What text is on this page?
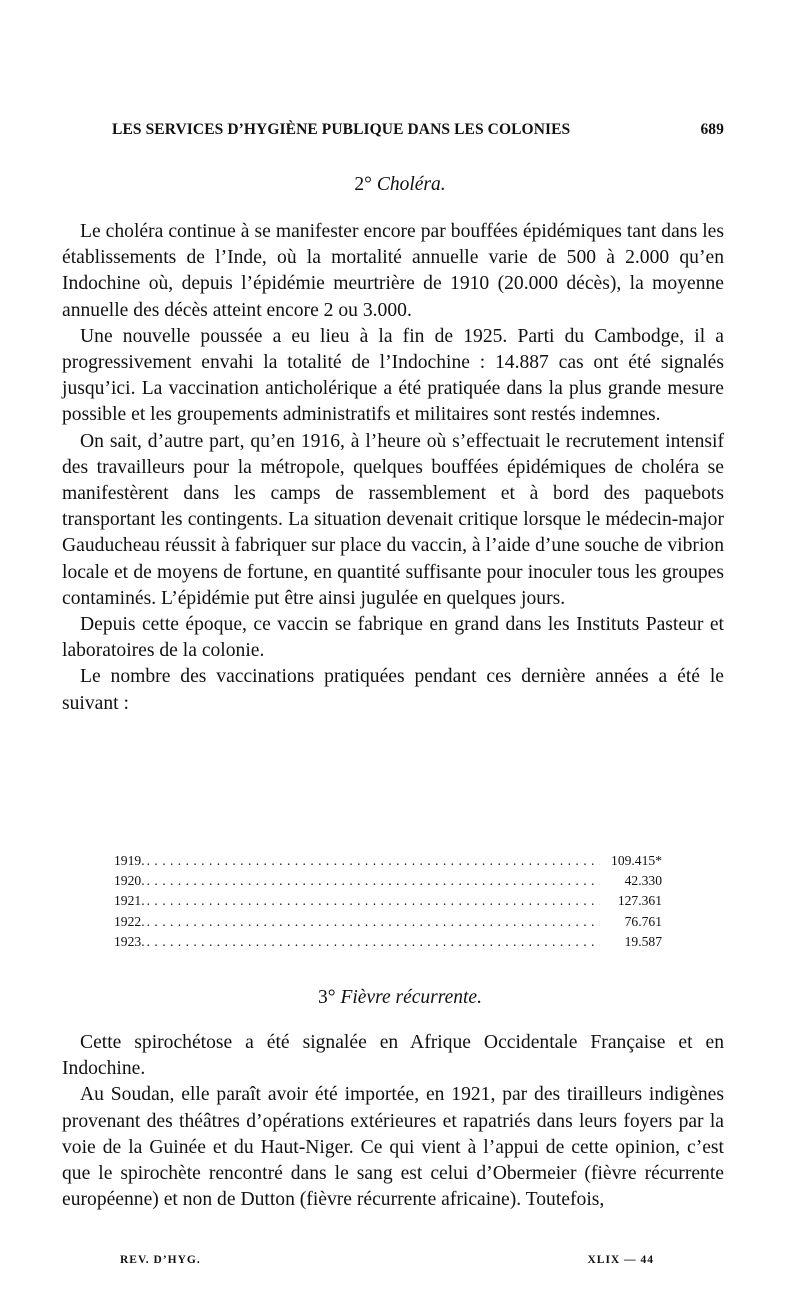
LES SERVICES D’HYGIÈNE PUBLIQUE DANS LES COLONIES	689
2° Choléra.

Le choléra continue à se manifester encore par bouffées épidémiques tant dans les établissements de l’Inde, où la mortalité annuelle varie de 500 à 2.000 qu’en Indochine où, depuis l’épidémie meurtrière de 1910 (20.000 décès), la moyenne annuelle des décès atteint encore 2 ou 3.000.

Une nouvelle poussée a eu lieu à la fin de 1925. Parti du Cambodge, il a progressivement envahi la totalité de l’Indochine : 14.887 cas ont été signalés jusqu’ici. La vaccination anticholérique a été pratiquée dans la plus grande mesure possible et les groupements administratifs et militaires sont restés indemnes.

On sait, d’autre part, qu’en 1916, à l’heure où s’effectuait le recrutement intensif des travailleurs pour la métropole, quelques bouffées épidémiques de choléra se manifestèrent dans les camps de rassemblement et à bord des paquebots transportant les contingents. La situation devenait critique lorsque le médecin-major Gauducheau réussit à fabriquer sur place du vaccin, à l’aide d’une souche de vibrion locale et de moyens de fortune, en quantité suffisante pour inoculer tous les groupes contaminés. L’épidémie put être ainsi jugulée en quelques jours.

Depuis cette époque, ce vaccin se fabrique en grand dans les Instituts Pasteur et laboratoires de la colonie.

Le nombre des vaccinations pratiquées pendant ces dernière années a été le suivant :

1919. . . .	109.415*
1920. . . .	42.330
1921. . . .	127.361
1922. . . .	76.761
1923. . . .	19.587
3° Fièvre récurrente.

Cette spirochétose a été signalée en Afrique Occidentale Française et en Indochine.

Au Soudan, elle paraît avoir été importée, en 1921, par des tirailleurs indigènes provenant des théâtres d’opérations extérieures et rapatriés dans leurs foyers par la voie de la Guinée et du Haut-Niger. Ce qui vient à l’appui de cette opinion, c’est que le spirochète rencontré dans le sang est celui d’Obermeier (fièvre récurrente européenne) et non de Dutton (fièvre récurrente africaine). Toutefois,

REV. D’HYG.	XLIX — 44
